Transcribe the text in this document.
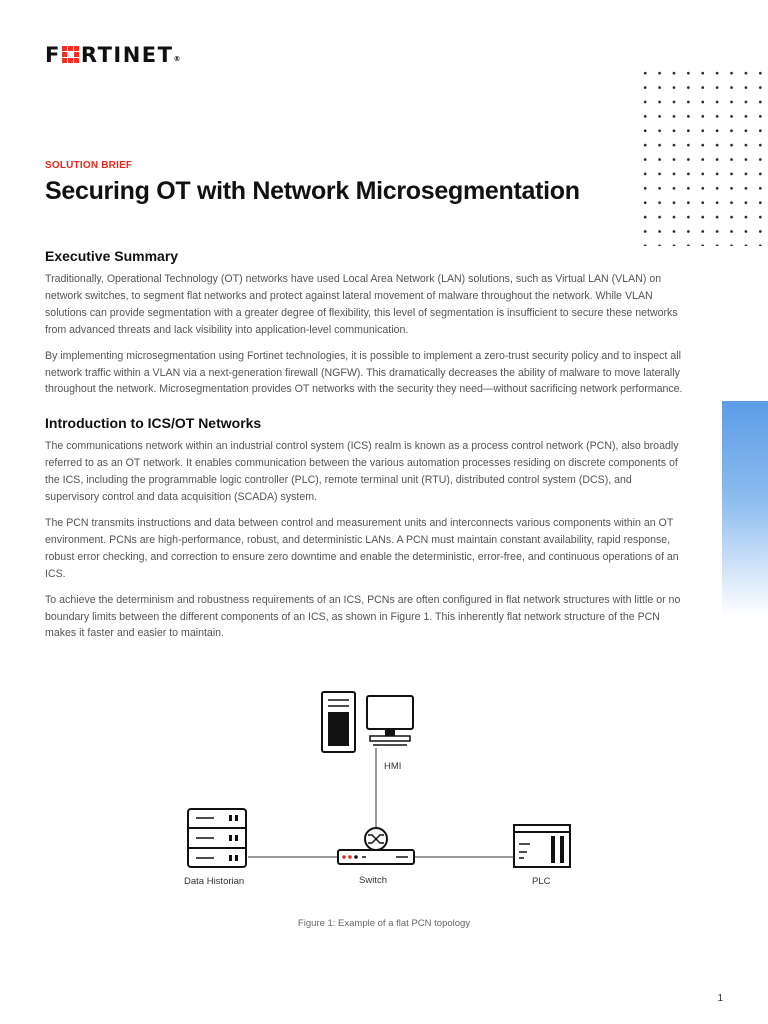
F RTINET®
SOLUTION BRIEF
Securing OT with Network Microsegmentation
Executive Summary

Traditionally, Operational Technology (OT) networks have used Local Area Network (LAN) solutions, such as Virtual LAN (VLAN) on network switches, to segment flat networks and protect against lateral movement of malware throughout the network. While VLAN solutions can provide segmentation with a greater degree of flexibility, this level of segmentation is insufficient to secure these networks from advanced threats and lack visibility into application-level communication.

By implementing microsegmentation using Fortinet technologies, it is possible to implement a zero-trust security policy and to inspect all network traffic within a VLAN via a next-generation firewall (NGFW). This dramatically decreases the ability of malware to move laterally throughout the network. Microsegmentation provides OT networks with the security they need—without sacrificing network performance.

Introduction to ICS/OT Networks

The communications network within an industrial control system (ICS) realm is known as a process control network (PCN), also broadly referred to as an OT network. It enables communication between the various automation processes residing on discrete components of the ICS, including the programmable logic controller (PLC), remote terminal unit (RTU), distributed control system (DCS), and supervisory control and data acquisition (SCADA) system.

The PCN transmits instructions and data between control and measurement units and interconnects various components within an OT environment. PCNs are high-performance, robust, and deterministic LANs. A PCN must maintain constant availability, rapid response, robust error checking, and correction to ensure zero downtime and enable the deterministic, error-free, and continuous operations of an ICS.

To achieve the determinism and robustness requirements of an ICS, PCNs are often configured in flat network structures with little or no boundary limits between the different components of an ICS, as shown in Figure 1. This inherently flat network structure of the PCN makes it faster and easier to maintain.

HMI
Data Historian	Switch	PLC
Figure 1: Example of a flat PCN topology
1
